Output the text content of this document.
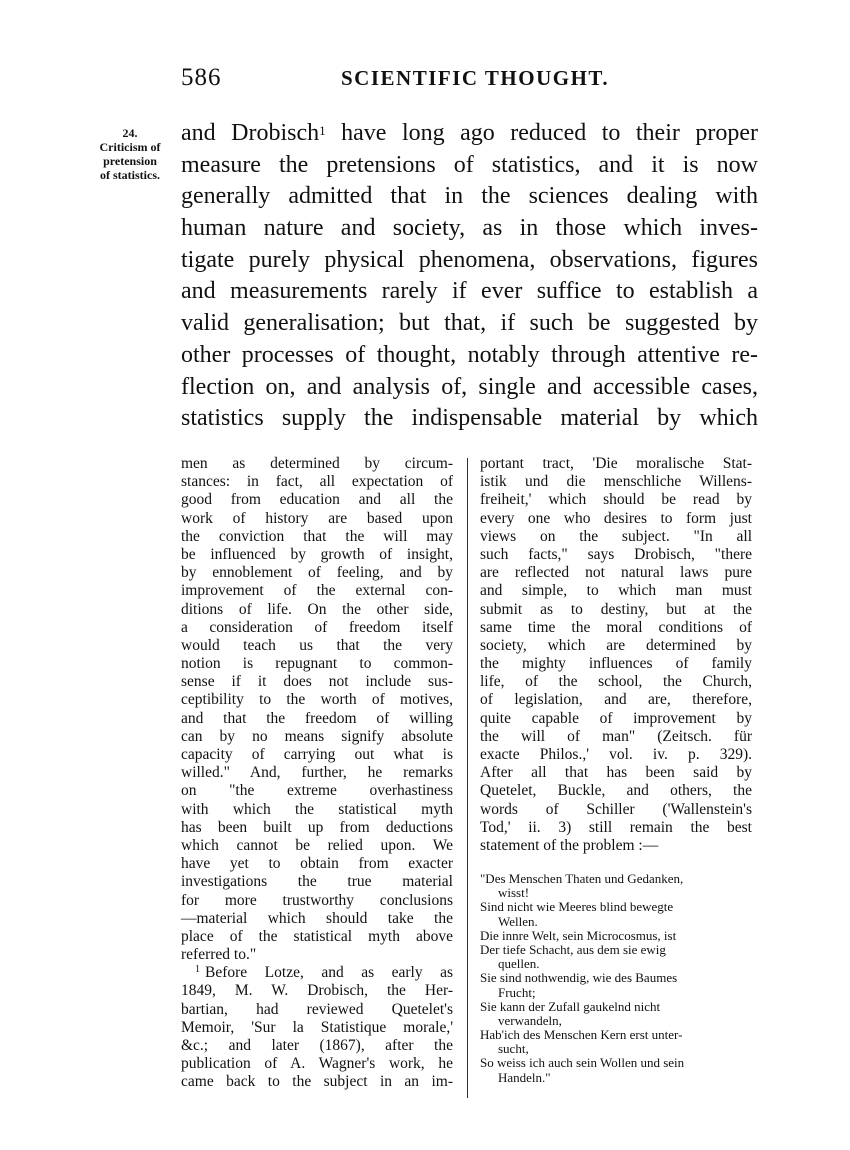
586	SCIENTIFIC THOUGHT.
24.
Criticism of
pretension
of statistics.
and Drobisch$^1$ have long ago reduced to their proper
measure the pretensions of statistics, and it is now
generally admitted that in the sciences dealing with
human nature and society, as in those which inves-
tigate purely physical phenomena, observations, figures
and measurements rarely if ever suffice to establish a
valid generalisation; but that, if such be suggested by
other processes of thought, notably through attentive re-
flection on, and analysis of, single and accessible cases,
statistics supply the indispensable material by which
men as determined by circum-
stances: in fact, all expectation of
good from education and all the
work of history are based upon
the conviction that the will may
be influenced by growth of insight,
by ennoblement of feeling, and by
improvement of the external con-
ditions of life. On the other side,
a consideration of freedom itself
would teach us that the very
notion is repugnant to common-
sense if it does not include sus-
ceptibility to the worth of motives,
and that the freedom of willing
can by no means signify absolute
capacity of carrying out what is
willed." And, further, he remarks
on "the extreme overhastiness
with which the statistical myth
has been built up from deductions
which cannot be relied upon. We
have yet to obtain from exacter
investigations the true material
for more trustworthy conclusions
—material which should take the
place of the statistical myth above
referred to."
$^1$ Before Lotze, and as early as
1849, M. W. Drobisch, the Her-
bartian, had reviewed Quetelet's
Memoir, 'Sur la Statistique morale,'
&c.; and later (1867), after the
publication of A. Wagner's work, he
came back to the subject in an im-
portant tract, 'Die moralische Stat-
istik und die menschliche Willens-
freiheit,' which should be read by
every one who desires to form just
views on the subject. "In all
such facts," says Drobisch, "there
are reflected not natural laws pure
and simple, to which man must
submit as to destiny, but at the
same time the moral conditions of
society, which are determined by
the mighty influences of family
life, of the school, the Church,
of legislation, and are, therefore,
quite capable of improvement by
the will of man" (Zeitsch. für
exacte Philos.,' vol. iv. p. 329).
After all that has been said by
Quetelet, Buckle, and others, the
words of Schiller ('Wallenstein's
Tod,' ii. 3) still remain the best
statement of the problem :—
"Des Menschen Thaten und Gedanken,
wisst!
Sind nicht wie Meeres blind bewegte
Wellen.
Die innre Welt, sein Microcosmus, ist
Der tiefe Schacht, aus dem sie ewig
quellen.
Sie sind nothwendig, wie des Baumes
Frucht;
Sie kann der Zufall gaukelnd nicht
verwandeln,
Hab'ich des Menschen Kern erst unter-
sucht,
So weiss ich auch sein Wollen und sein
Handeln."
